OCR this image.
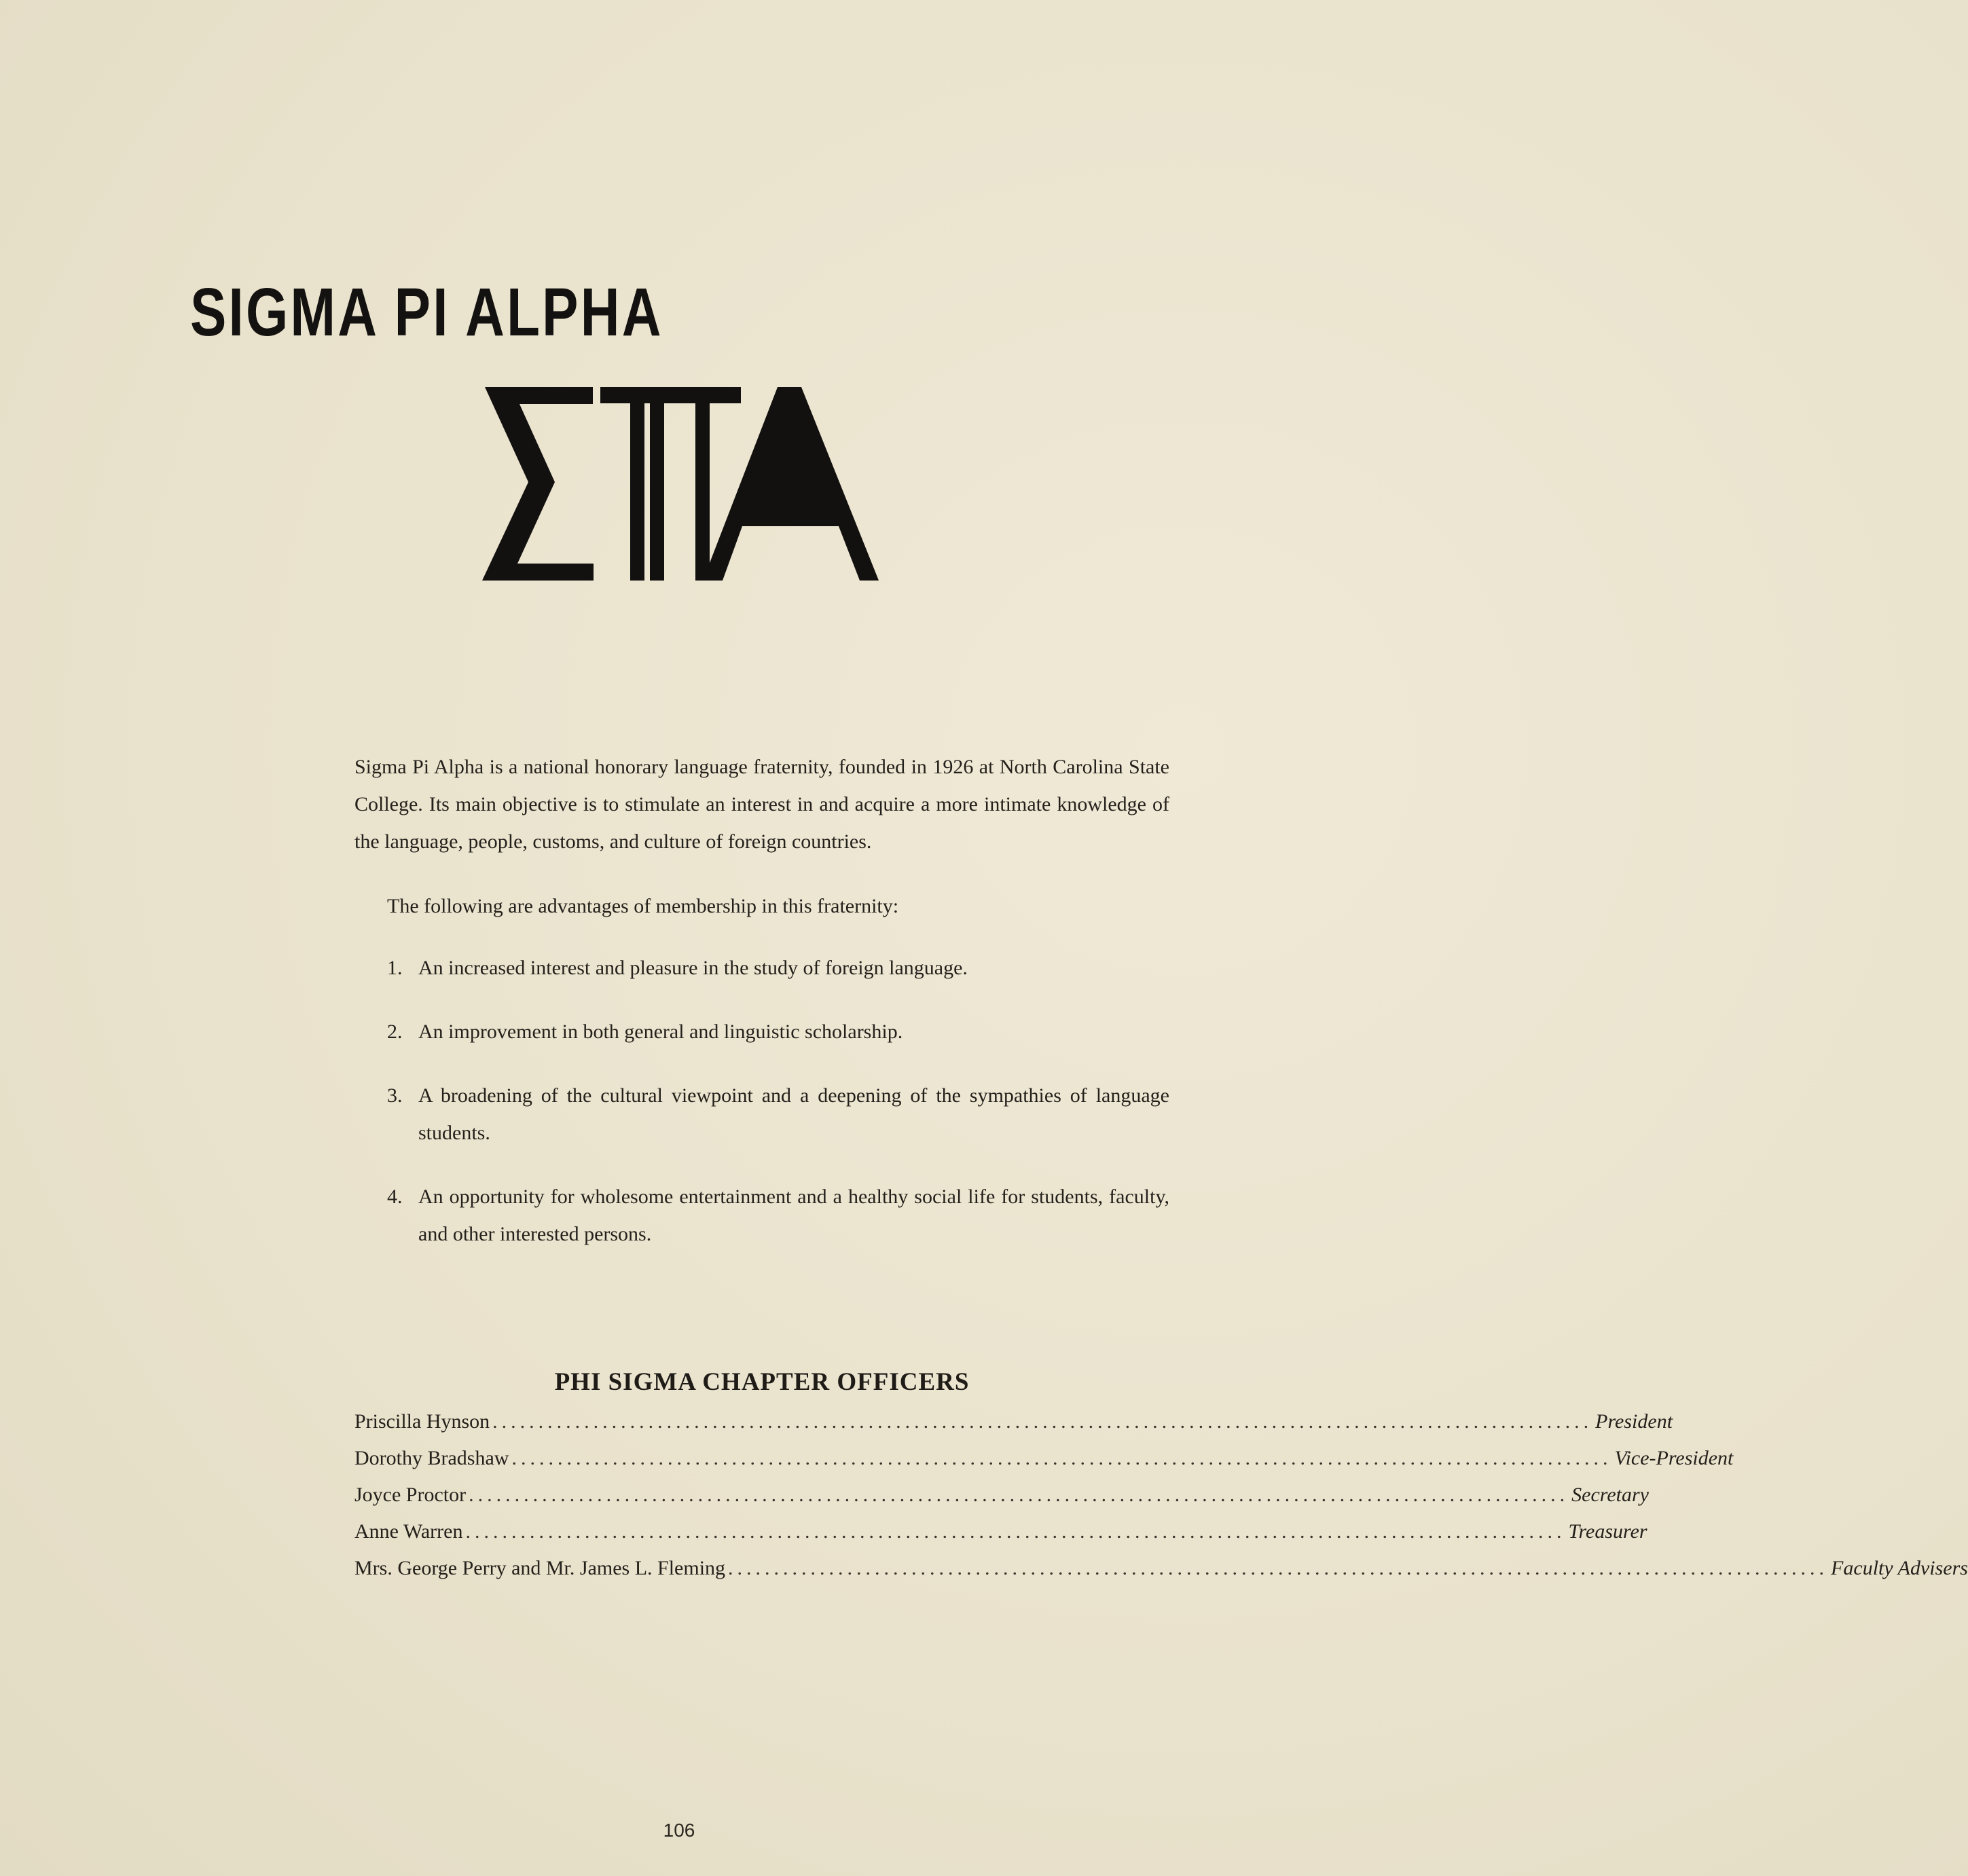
SIGMA PI ALPHA

Sigma Pi Alpha is a national honorary language fraternity, founded in 1926 at North Carolina State College. Its main objective is to stimulate an interest in and acquire a more intimate knowledge of the language, people, customs, and culture of foreign countries.

The following are advantages of membership in this fraternity:

1. An increased interest and pleasure in the study of foreign language.
2. An improvement in both general and linguistic scholarship.
3. A broadening of the cultural viewpoint and a deepening of the sympathies of language students.
4. An opportunity for wholesome entertainment and a healthy social life for students, faculty, and other interested persons.
PHI SIGMA CHAPTER OFFICERS
Priscilla Hynson ........................................................................................................................ President
Dorothy Bradshaw ........................................................................................................................ Vice-President
Joyce Proctor ........................................................................................................................ Secretary
Anne Warren ........................................................................................................................ Treasurer
Mrs. George Perry and Mr. James L. Fleming ........................................................................................................................ Faculty Advisers

106
